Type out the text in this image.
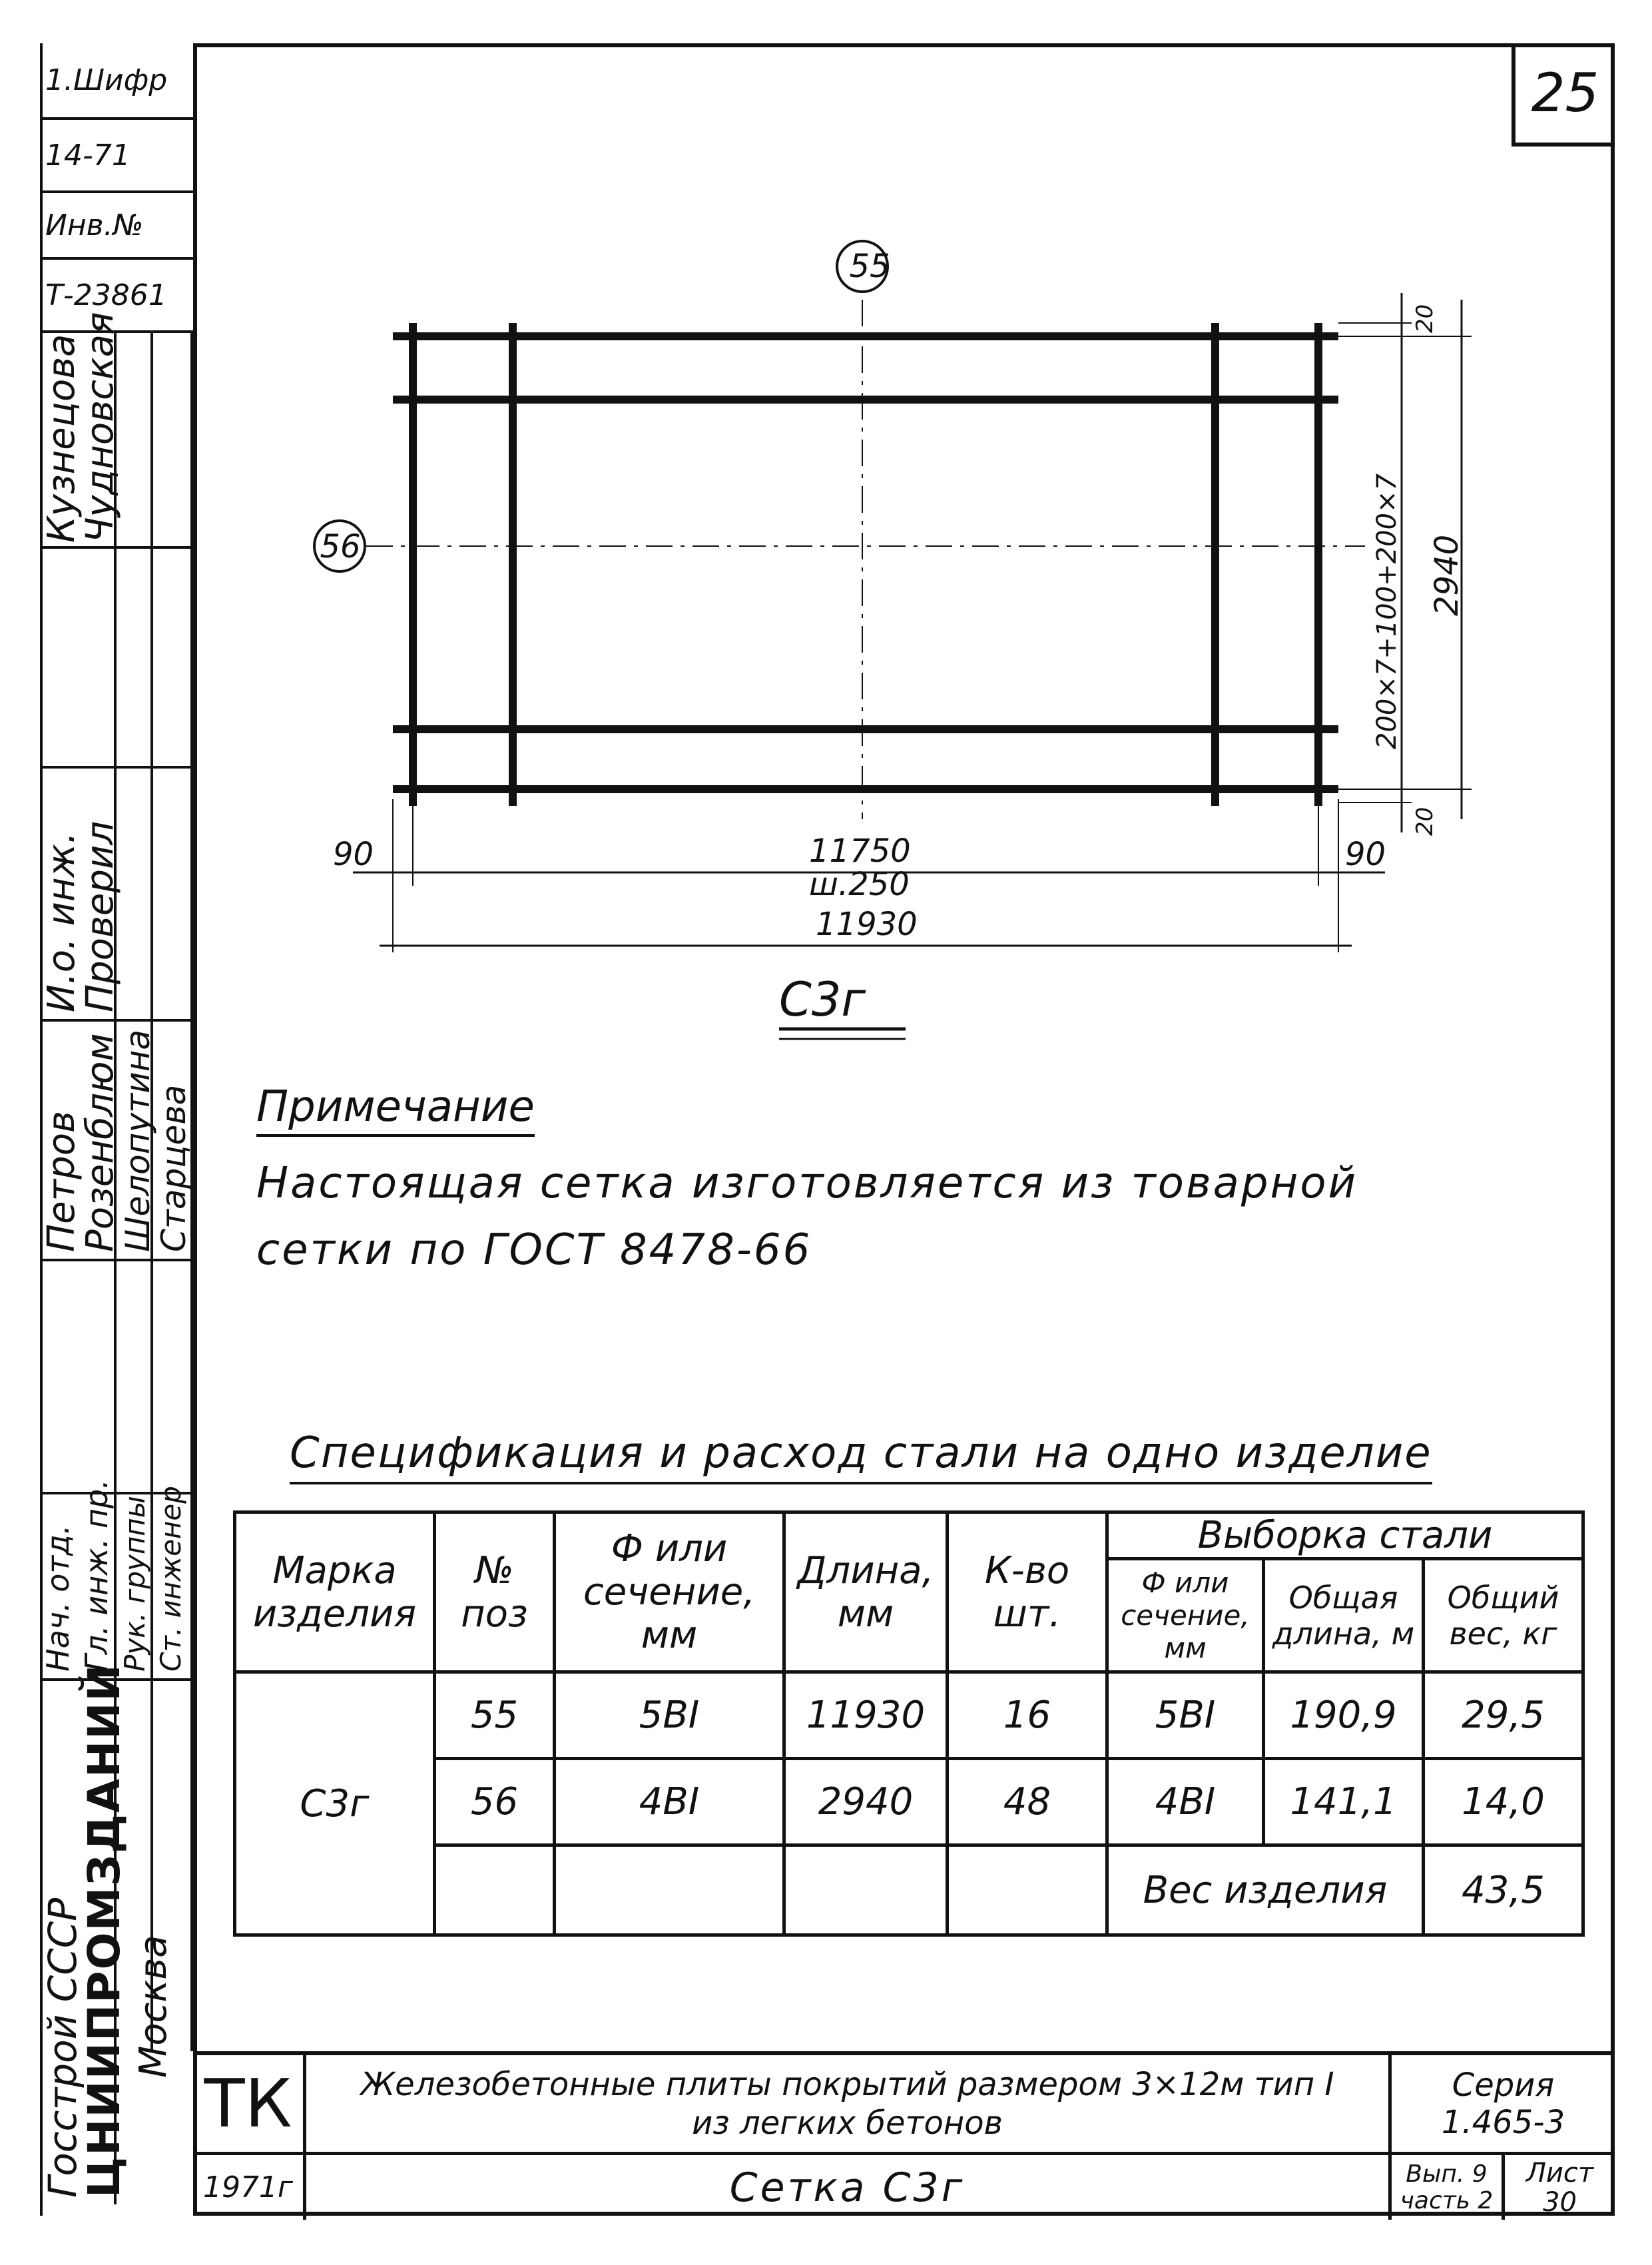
25
1.Шифр
14-71
Инв.№
Т-23861
Кузнецова
Чудновская
И.о. инж.
Проверил
Петров
Розенблюм
Шелопутина
Старцева
Нач. отд. Гл. инж. пр. Рук. группы Ст. инженер
Госстрой СССР
ЦНИИПРОМЗДАНИЙ Москва
55
56
90	90
11750
ш.250
11930
2940
200×7+100+200×7
20
20
С3г
Примечание
Настоящая сетка изготовляется из товарной
сетки по ГОСТ 8478-66
Спецификация и расход стали на одно изделие
Марка изделия	№ поз	Ф или сечение, мм	Длина, мм	К-во шт.	Выборка стали		
					Ф или сечение, мм	Общая длина, м	Общий вес, кг
С3г	55	5ВI	11930	16	5ВI	190,9	29,5
	56	4ВI	2940	48	4ВI	141,1	14,0
					Вес изделия		43,5
ТК
1971г
Железобетонные плиты покрытий размером 3×12м тип I
из легких бетонов
Сетка С3г
Серия
1.465-3
Вып. 9 часть 2
Лист
30
